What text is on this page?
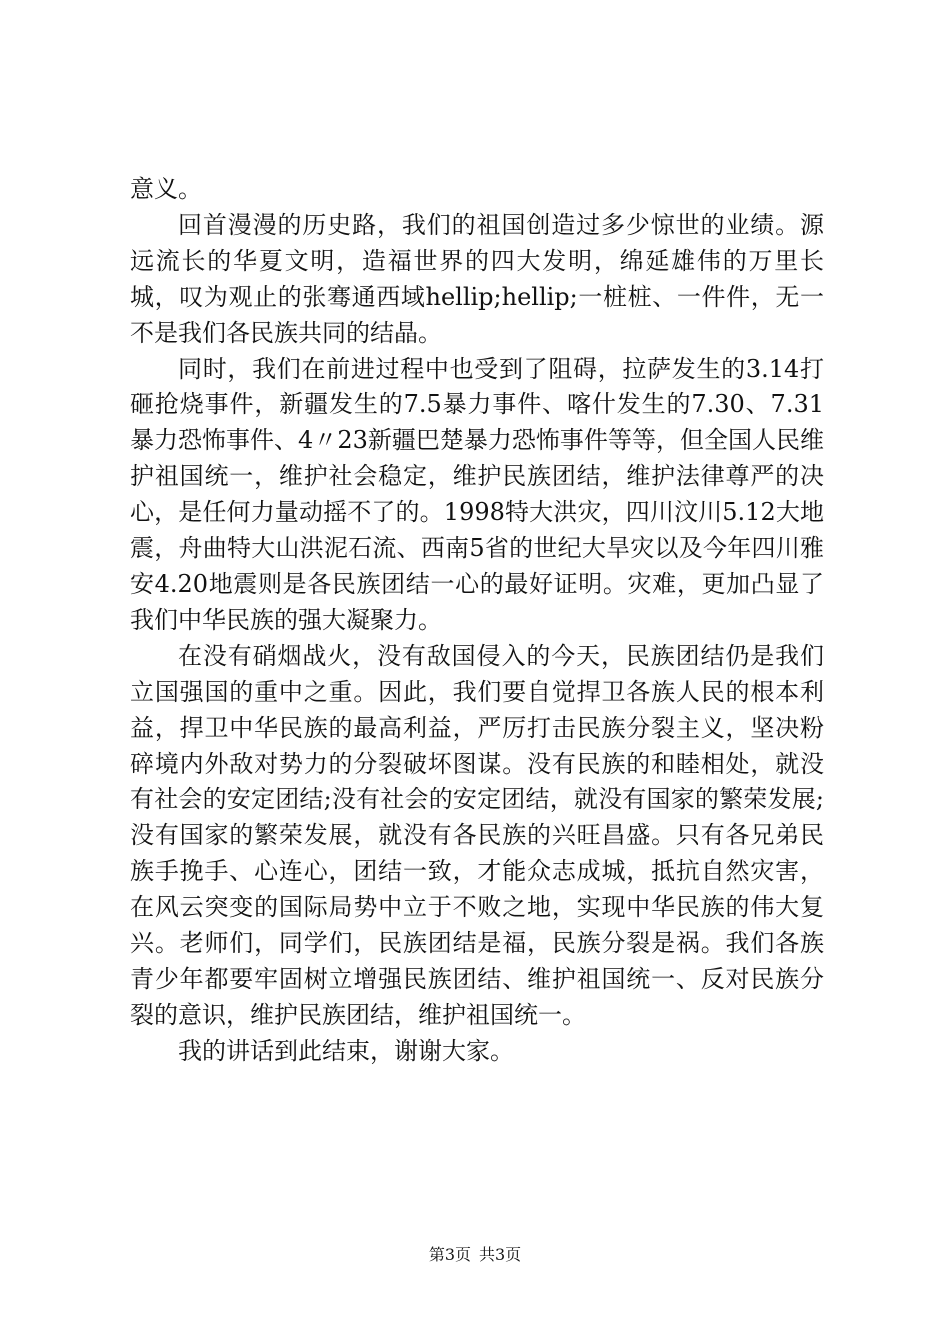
意义。

回首漫漫的历史路，我们的祖国创造过多少惊世的业绩。源远流长的华夏文明，造福世界的四大发明，绵延雄伟的万里长城，叹为观止的张骞通西域hellip;hellip;一桩桩、一件件，无一不是我们各民族共同的结晶。

同时，我们在前进过程中也受到了阻碍，拉萨发生的3.14打砸抢烧事件，新疆发生的7.5暴力事件、喀什发生的7.30、7.31暴力恐怖事件、4〃23新疆巴楚暴力恐怖事件等等，但全国人民维护祖国统一，维护社会稳定，维护民族团结，维护法律尊严的决心，是任何力量动摇不了的。1998特大洪灾，四川汶川5.12大地震，舟曲特大山洪泥石流、西南5省的世纪大旱灾以及今年四川雅安4.20地震则是各民族团结一心的最好证明。灾难，更加凸显了我们中华民族的强大凝聚力。

在没有硝烟战火，没有敌国侵入的今天，民族团结仍是我们立国强国的重中之重。因此，我们要自觉捍卫各族人民的根本利益，捍卫中华民族的最高利益，严厉打击民族分裂主义，坚决粉碎境内外敌对势力的分裂破坏图谋。没有民族的和睦相处，就没有社会的安定团结;没有社会的安定团结，就没有国家的繁荣发展;没有国家的繁荣发展，就没有各民族的兴旺昌盛。只有各兄弟民族手挽手、心连心，团结一致，才能众志成城，抵抗自然灾害，在风云突变的国际局势中立于不败之地，实现中华民族的伟大复兴。老师们，同学们，民族团结是福，民族分裂是祸。我们各族青少年都要牢固树立增强民族团结、维护祖国统一、反对民族分裂的意识，维护民族团结，维护祖国统一。

我的讲话到此结束，谢谢大家。

第3页 共3页
